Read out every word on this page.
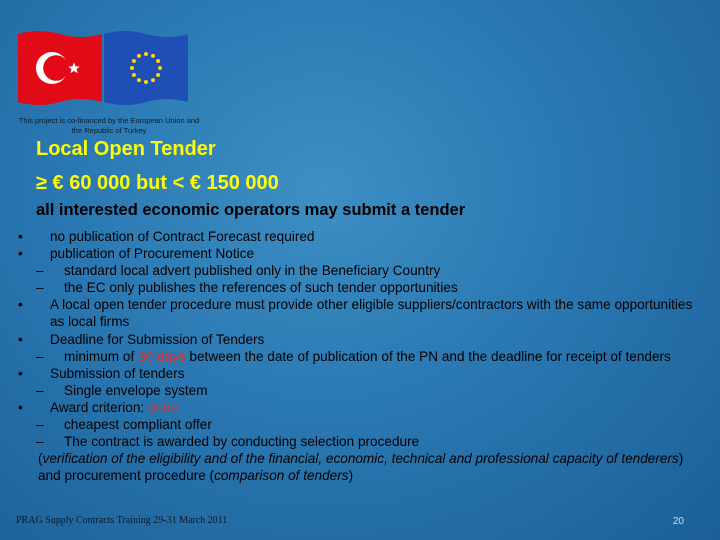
This project is co-financed by the European Union and the Republic of Turkey
Local Open Tender
≥ € 60 000 but < € 150 000
all interested economic operators may submit a tender
• no publication of Contract Forecast required
• publication of Procurement Notice
– standard local advert published only in the Beneficiary Country
– the EC only publishes the references of such tender opportunities
• A local open tender procedure must provide other eligible suppliers/contractors with the same opportunities as local firms
• Deadline for Submission of Tenders
– minimum of 30 days between the date of publication of the PN and the deadline for receipt of tenders
• Submission of tenders
– Single envelope system
• Award criterion: price
– cheapest compliant offer
– The contract is awarded by conducting selection procedure
(verification of the eligibility and of the financial, economic, technical and professional capacity of tenderers) and procurement procedure (comparison of tenders)
PRAG Supply Contracts Training 29-31 March 2011	20
